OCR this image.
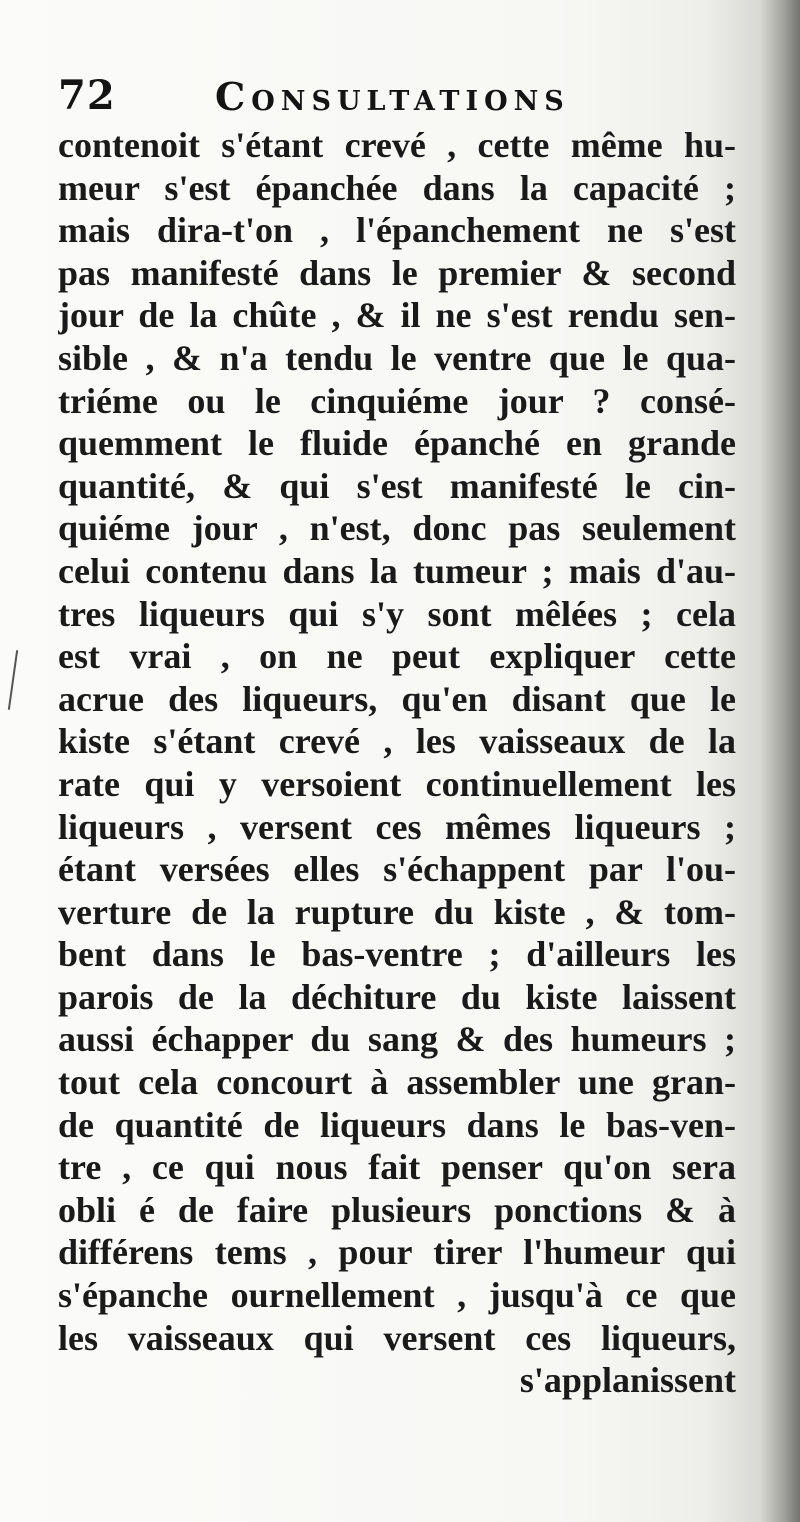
72	Consultations
contenoit s'étant crevé , cette même hu-
meur s'est épanchée dans la capacité ;
mais dira-t'on , l'épanchement ne s'est
pas manifesté dans le premier & second
jour de la chûte , & il ne s'est rendu sen-
sible , & n'a tendu le ventre que le qua-
triéme ou le cinquiéme jour ? consé-
quemment le fluide épanché en grande
quantité, & qui s'est manifesté le cin-
quiéme jour , n'est, donc pas seulement
celui contenu dans la tumeur ; mais d'au-
tres liqueurs qui s'y sont mêlées ; cela
est vrai , on ne peut expliquer cette
acrue des liqueurs, qu'en disant que le
kiste s'étant crevé , les vaisseaux de la
rate qui y versoient continuellement les
liqueurs , versent ces mêmes liqueurs ;
étant versées elles s'échappent par l'ou-
verture de la rupture du kiste , & tom-
bent dans le bas-ventre ; d'ailleurs les
parois de la déchiture du kiste laissent
aussi échapper du sang & des humeurs ;
tout cela concourt à assembler une gran-
de quantité de liqueurs dans le bas-ven-
tre , ce qui nous fait penser qu'on sera
obli é de faire plusieurs ponctions & à
différens tems , pour tirer l'humeur qui
s'épanche ournellement , jusqu'à ce que
les vaisseaux qui versent ces liqueurs,
s'applanissent
